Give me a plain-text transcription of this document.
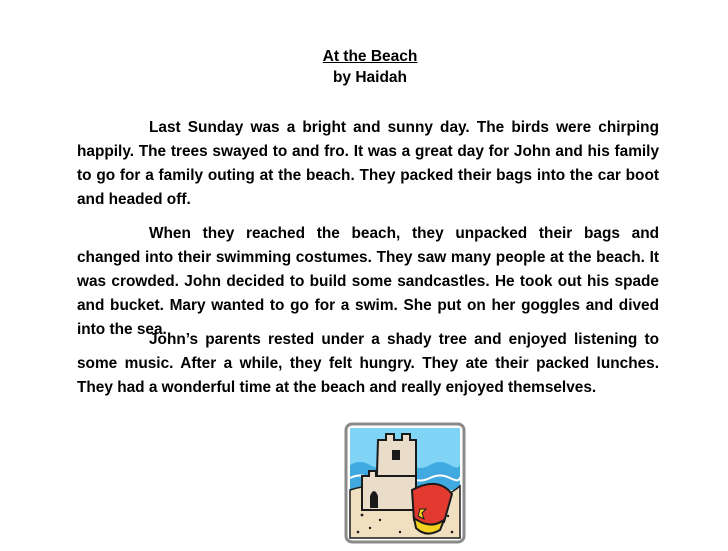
At the Beach
by Haidah

Last Sunday was a bright and sunny day. The birds were chirping happily. The trees swayed to and fro. It was a great day for John and his family to go for a family outing at the beach. They packed their bags into the car boot and headed off.

When they reached the beach, they unpacked their bags and changed into their swimming costumes. They saw many people at the beach. It was crowded. John decided to build some sandcastles. He took out his spade and bucket. Mary wanted to go for a swim. She put on her goggles and dived into the sea.

John’s parents rested under a shady tree and enjoyed listening to some music. After a while, they felt hungry. They ate their packed lunches. They had a wonderful time at the beach and really enjoyed themselves.
